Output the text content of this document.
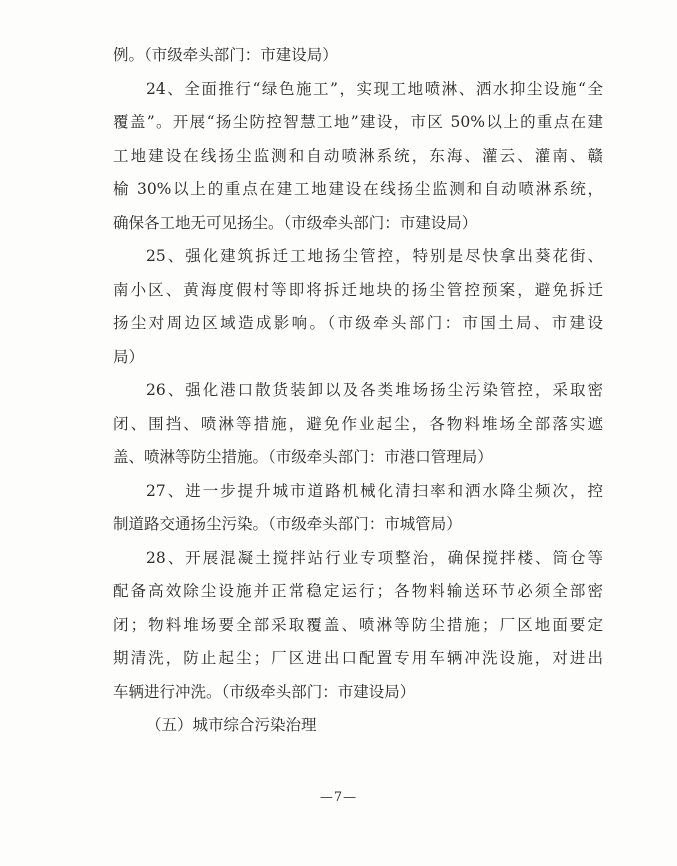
例。（市级牵头部门：市建设局）
24、全面推行“绿色施工”，实现工地喷淋、洒水抑尘设施“全
覆盖”。开展“扬尘防控智慧工地”建设，市区 50%以上的重点在建
工地建设在线扬尘监测和自动喷淋系统，东海、灌云、灌南、赣
榆 30%以上的重点在建工地建设在线扬尘监测和自动喷淋系统，
确保各工地无可见扬尘。（市级牵头部门：市建设局）
25、强化建筑拆迁工地扬尘管控，特别是尽快拿出葵花街、
南小区、黄海度假村等即将拆迁地块的扬尘管控预案，避免拆迁
扬尘对周边区域造成影响。（市级牵头部门：市国土局、市建设
局）
26、强化港口散货装卸以及各类堆场扬尘污染管控，采取密
闭、围挡、喷淋等措施，避免作业起尘，各物料堆场全部落实遮
盖、喷淋等防尘措施。（市级牵头部门：市港口管理局）
27、进一步提升城市道路机械化清扫率和洒水降尘频次，控
制道路交通扬尘污染。（市级牵头部门：市城管局）
28、开展混凝土搅拌站行业专项整治，确保搅拌楼、筒仓等
配备高效除尘设施并正常稳定运行；各物料输送环节必须全部密
闭；物料堆场要全部采取覆盖、喷淋等防尘措施；厂区地面要定
期清洗，防止起尘；厂区进出口配置专用车辆冲洗设施，对进出
车辆进行冲洗。（市级牵头部门：市建设局）
（五）城市综合污染治理
—7—
